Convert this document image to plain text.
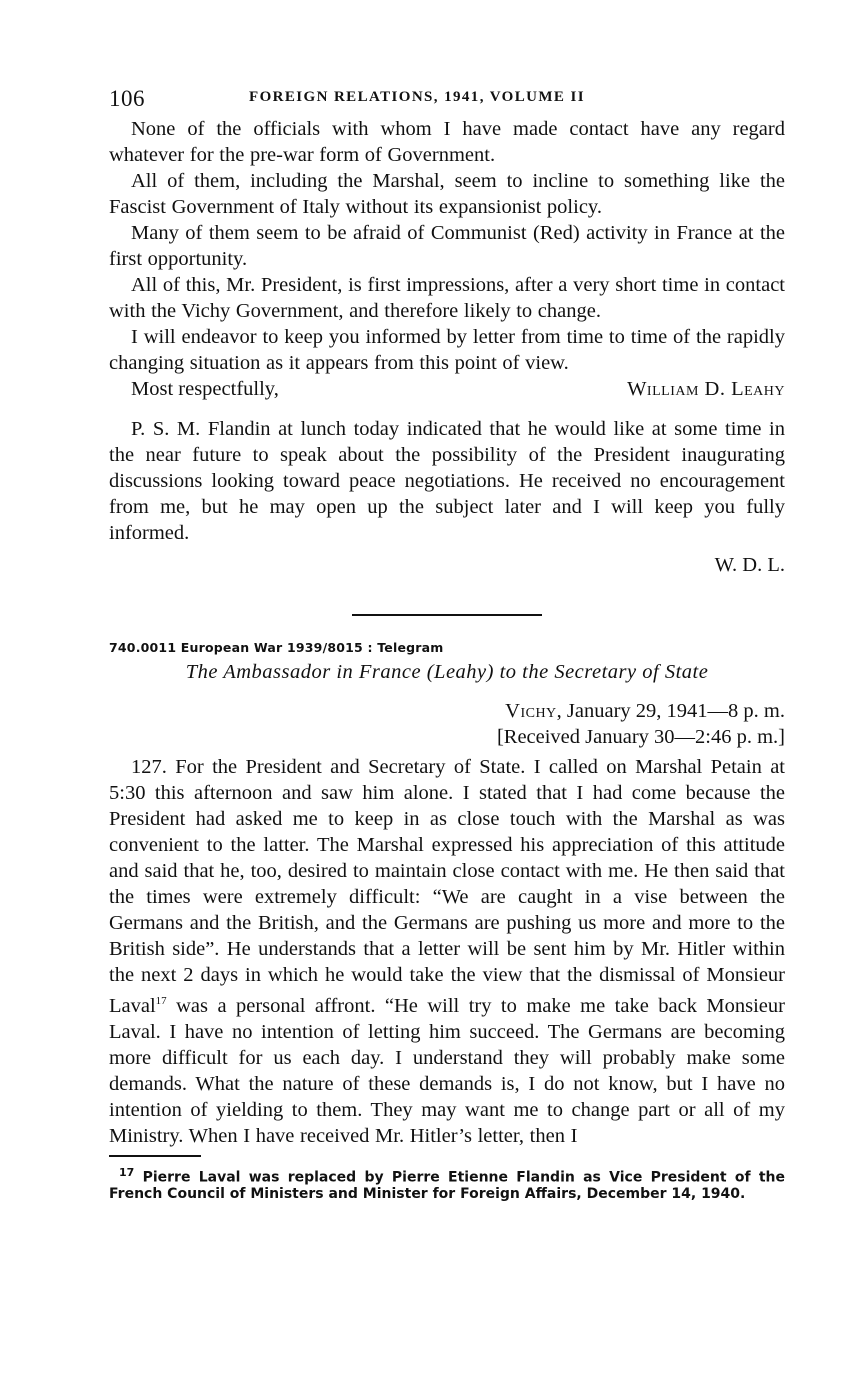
106	FOREIGN RELATIONS, 1941, VOLUME II

None of the officials with whom I have made contact have any regard whatever for the pre-war form of Government.

All of them, including the Marshal, seem to incline to something like the Fascist Government of Italy without its expansionist policy.

Many of them seem to be afraid of Communist (Red) activity in France at the first opportunity.

All of this, Mr. President, is first impressions, after a very short time in contact with the Vichy Government, and therefore likely to change.

I will endeavor to keep you informed by letter from time to time of the rapidly changing situation as it appears from this point of view.

Most respectfully,	William D. Leahy

P. S. M. Flandin at lunch today indicated that he would like at some time in the near future to speak about the possibility of the President inaugurating discussions looking toward peace negotiations. He received no encouragement from me, but he may open up the subject later and I will keep you fully informed.

W. D. L.
740.0011 European War 1939/8015 : Telegram
The Ambassador in France (Leahy) to the Secretary of State
Vichy, January 29, 1941—8 p. m.
[Received January 30—2:46 p. m.]

127. For the President and Secretary of State. I called on Marshal Petain at 5:30 this afternoon and saw him alone. I stated that I had come because the President had asked me to keep in as close touch with the Marshal as was convenient to the latter. The Marshal expressed his appreciation of this attitude and said that he, too, desired to maintain close contact with me. He then said that the times were extremely difficult: “We are caught in a vise between the Germans and the British, and the Germans are pushing us more and more to the British side”. He understands that a letter will be sent him by Mr. Hitler within the next 2 days in which he would take the view that the dismissal of Monsieur Laval$^{17}$ was a personal affront. “He will try to make me take back Monsieur Laval. I have no intention of letting him succeed. The Germans are becoming more difficult for us each day. I understand they will probably make some demands. What the nature of these demands is, I do not know, but I have no intention of yielding to them. They may want me to change part or all of my Ministry. When I have received Mr. Hitler’s letter, then I

$^{17}$ Pierre Laval was replaced by Pierre Etienne Flandin as Vice President of the French Council of Ministers and Minister for Foreign Affairs, December 14, 1940.
